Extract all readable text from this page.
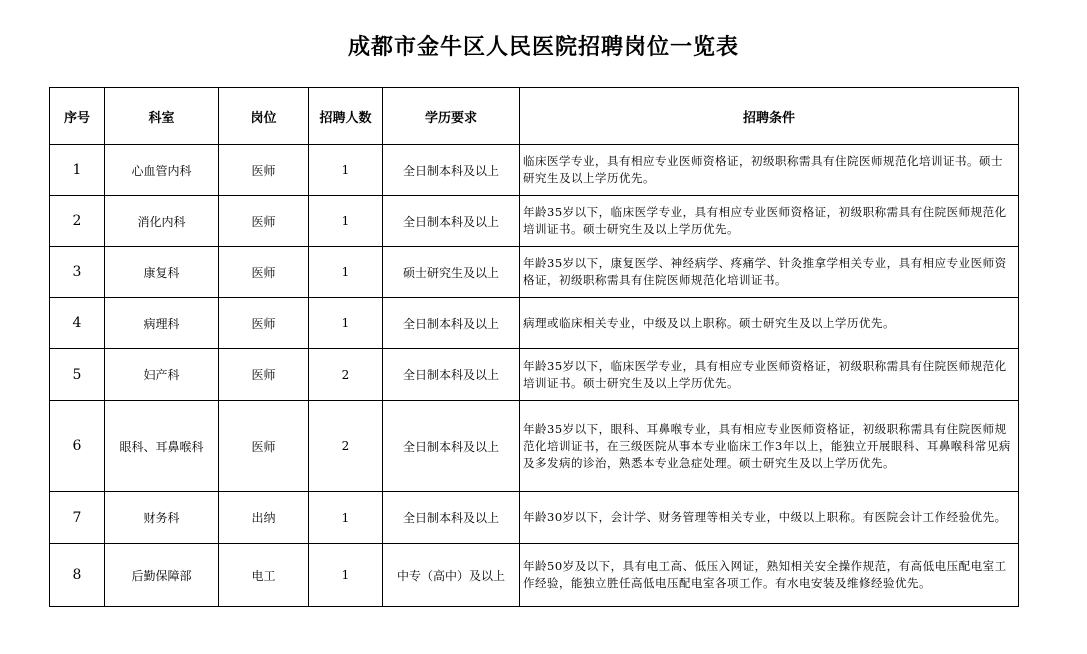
成都市金牛区人民医院招聘岗位一览表
序号	科室	岗位	招聘人数	学历要求	招聘条件
1	心血管内科	医师	1	全日制本科及以上	临床医学专业，具有相应专业医师资格证，初级职称需具有住院医师规范化培训证书。硕士研究生及以上学历优先。
2	消化内科	医师	1	全日制本科及以上	年龄35岁以下，临床医学专业，具有相应专业医师资格证，初级职称需具有住院医师规范化培训证书。硕士研究生及以上学历优先。
3	康复科	医师	1	硕士研究生及以上	年龄35岁以下，康复医学、神经病学、疼痛学、针灸推拿学相关专业，具有相应专业医师资格证，初级职称需具有住院医师规范化培训证书。
4	病理科	医师	1	全日制本科及以上	病理或临床相关专业，中级及以上职称。硕士研究生及以上学历优先。
5	妇产科	医师	2	全日制本科及以上	年龄35岁以下，临床医学专业，具有相应专业医师资格证，初级职称需具有住院医师规范化培训证书。硕士研究生及以上学历优先。
6	眼科、耳鼻喉科	医师	2	全日制本科及以上	年龄35岁以下，眼科、耳鼻喉专业，具有相应专业医师资格证，初级职称需具有住院医师规范化培训证书，在三级医院从事本专业临床工作3年以上，能独立开展眼科、耳鼻喉科常见病及多发病的诊治，熟悉本专业急症处理。硕士研究生及以上学历优先。
7	财务科	出纳	1	全日制本科及以上	年龄30岁以下，会计学、财务管理等相关专业，中级以上职称。有医院会计工作经验优先。
8	后勤保障部	电工	1	中专（高中）及以上	年龄50岁及以下，具有电工高、低压入网证，熟知相关安全操作规范，有高低电压配电室工作经验，能独立胜任高低电压配电室各项工作。有水电安装及维修经验优先。
